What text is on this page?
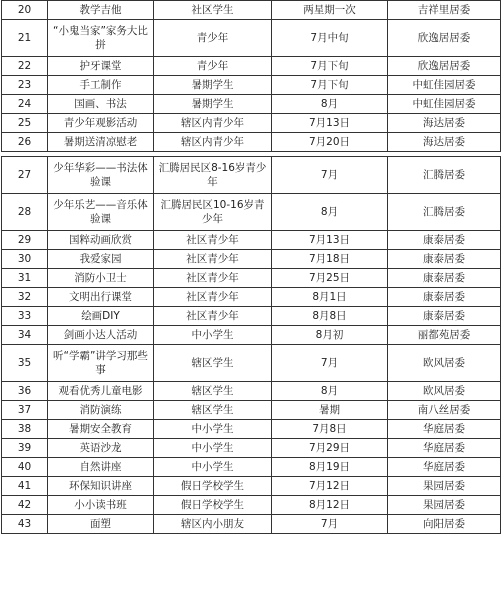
20	教学吉他	社区学生	两星期一次	吉祥里居委
21	“小鬼当家”家务大比拼	青少年	7月中旬	欣逸居居委
22	护牙课堂	青少年	7月下旬	欣逸居居委
23	手工制作	暑期学生	7月下旬	中虹佳园居委
24	国画、书法	暑期学生	8月	中虹佳园居委
25	青少年观影活动	辖区内青少年	7月13日	海达居委
26	暑期送清凉慰老	辖区内青少年	7月20日	海达居委

27	少年华彩——书法体验课	汇腾居民区8-16岁青少年	7月	汇腾居委
28	少年乐艺——音乐体验课	汇腾居民区10-16岁青少年	8月	汇腾居委
29	国粹动画欣赏	社区青少年	7月13日	康泰居委
30	我爱家园	社区青少年	7月18日	康泰居委
31	消防小卫士	社区青少年	7月25日	康泰居委
32	文明出行课堂	社区青少年	8月1日	康泰居委
33	绘画DIY	社区青少年	8月8日	康泰居委
34	剑画小达人活动	中小学生	8月初	丽都苑居委
35	听“学霸”讲学习那些事	辖区学生	7月	欧风居委
36	观看优秀儿童电影	辖区学生	8月	欧风居委
37	消防演练	辖区学生	暑期	南八丝居委
38	暑期安全教育	中小学生	7月8日	华庭居委
39	英语沙龙	中小学生	7月29日	华庭居委
40	自然讲座	中小学生	8月19日	华庭居委
41	环保知识讲座	假日学校学生	7月12日	果园居委
42	小小读书班	假日学校学生	8月12日	果园居委
43	面塑	辖区内小朋友	7月	向阳居委
